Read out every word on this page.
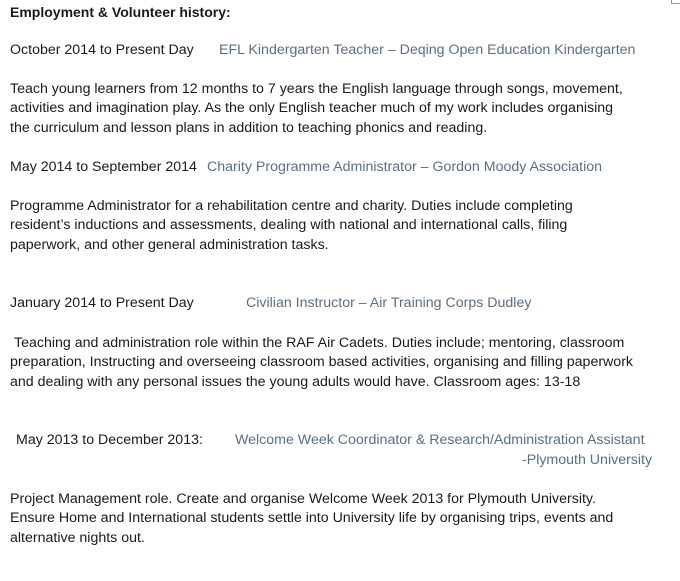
Employment & Volunteer history:
October 2014 to Present Day EFL Kindergarten Teacher – Deqing Open Education Kindergarten
Teach young learners from 12 months to 7 years the English language through songs, movement,
activities and imagination play. As the only English teacher much of my work includes organising
the curriculum and lesson plans in addition to teaching phonics and reading.
May 2014 to September 2014 Charity Programme Administrator – Gordon Moody Association
Programme Administrator for a rehabilitation centre and charity. Duties include completing
resident’s inductions and assessments, dealing with national and international calls, filing
paperwork, and other general administration tasks.
January 2014 to Present Day	Civilian Instructor – Air Training Corps Dudley
Teaching and administration role within the RAF Air Cadets. Duties include; mentoring, classroom
preparation, Instructing and overseeing classroom based activities, organising and filling paperwork
and dealing with any personal issues the young adults would have. Classroom ages: 13-18
May 2013 to December 2013: Welcome Week Coordinator & Research/Administration Assistant
-Plymouth University
Project Management role. Create and organise Welcome Week 2013 for Plymouth University.
Ensure Home and International students settle into University life by organising trips, events and
alternative nights out.
